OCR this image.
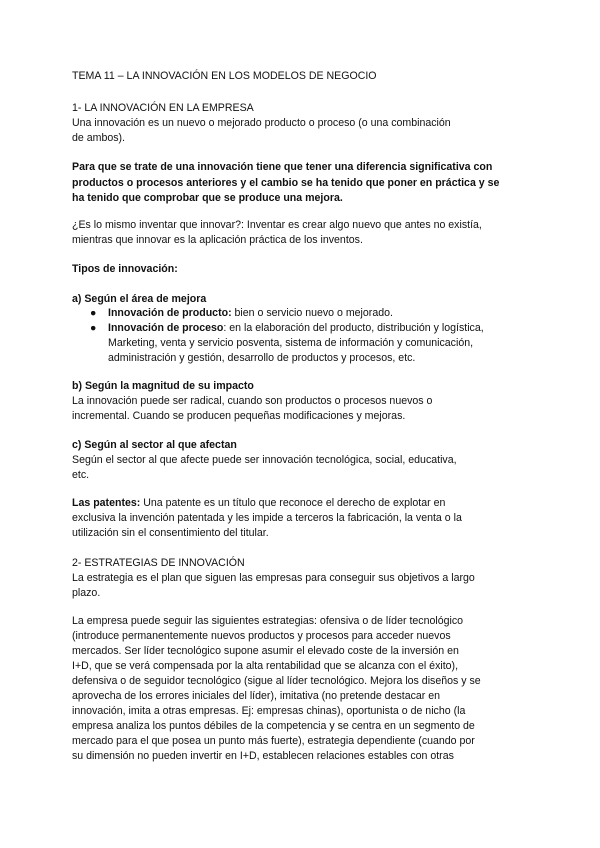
TEMA 11 – LA INNOVACIÓN EN LOS MODELOS DE NEGOCIO

1- LA INNOVACIÓN EN LA EMPRESA

Una innovación es un nuevo o mejorado producto o proceso (o una combinación

de ambos).

Para que se trate de una innovación tiene que tener una diferencia significativa con

productos o procesos anteriores y el cambio se ha tenido que poner en práctica y se

ha tenido que comprobar que se produce una mejora.

¿Es lo mismo inventar que innovar?: Inventar es crear algo nuevo que antes no existía,

mientras que innovar es la aplicación práctica de los inventos.

Tipos de innovación:

a) Según el área de mejora

● Innovación de producto: bien o servicio nuevo o mejorado.

● Innovación de proceso: en la elaboración del producto, distribución y logística,

Marketing, venta y servicio posventa, sistema de información y comunicación,

administración y gestión, desarrollo de productos y procesos, etc.

b) Según la magnitud de su impacto

La innovación puede ser radical, cuando son productos o procesos nuevos o

incremental. Cuando se producen pequeñas modificaciones y mejoras.

c) Según al sector al que afectan

Según el sector al que afecte puede ser innovación tecnológica, social, educativa,

etc.

Las patentes: Una patente es un título que reconoce el derecho de explotar en

exclusiva la invención patentada y les impide a terceros la fabricación, la venta o la

utilización sin el consentimiento del titular.

2- ESTRATEGIAS DE INNOVACIÓN

La estrategia es el plan que siguen las empresas para conseguir sus objetivos a largo

plazo.

La empresa puede seguir las siguientes estrategias: ofensiva o de líder tecnológico

(introduce permanentemente nuevos productos y procesos para acceder nuevos

mercados. Ser líder tecnológico supone asumir el elevado coste de la inversión en

I+D, que se verá compensada por la alta rentabilidad que se alcanza con el éxito),

defensiva o de seguidor tecnológico (sigue al líder tecnológico. Mejora los diseños y se

aprovecha de los errores iniciales del líder), imitativa (no pretende destacar en

innovación, imita a otras empresas. Ej: empresas chinas), oportunista o de nicho (la

empresa analiza los puntos débiles de la competencia y se centra en un segmento de

mercado para el que posea un punto más fuerte), estrategia dependiente (cuando por

su dimensión no pueden invertir en I+D, establecen relaciones estables con otras
